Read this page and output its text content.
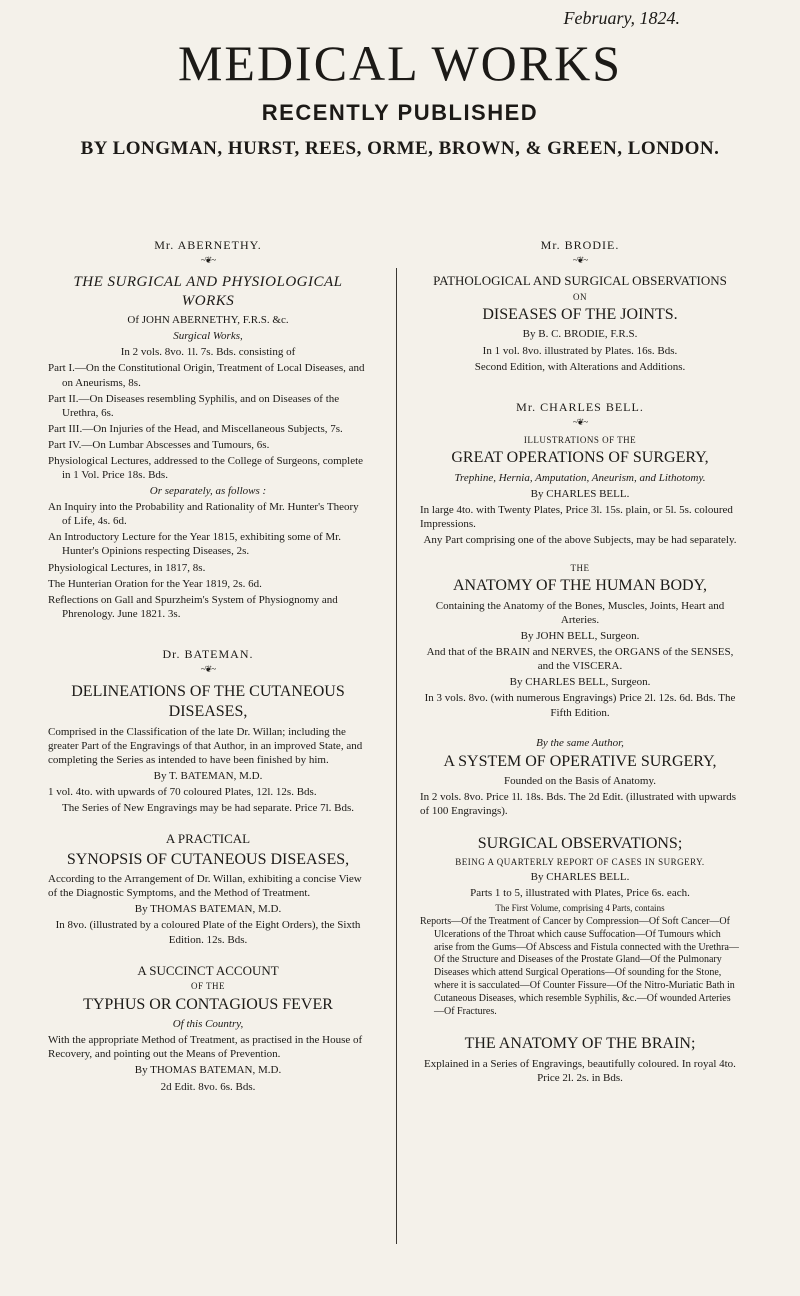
February, 1824.
MEDICAL WORKS
RECENTLY PUBLISHED
BY LONGMAN, HURST, REES, ORME, BROWN, & GREEN, LONDON.

Mr. ABERNETHY.

~❦~

THE SURGICAL AND PHYSIOLOGICAL WORKS

Of JOHN ABERNETHY, F.R.S. &c.

Surgical Works,

In 2 vols. 8vo. 1l. 7s. Bds. consisting of

Part I.—On the Constitutional Origin, Treatment of Local Diseases, and on Aneurisms, 8s.

Part II.—On Diseases resembling Syphilis, and on Diseases of the Urethra, 6s.

Part III.—On Injuries of the Head, and Miscellaneous Subjects, 7s.

Part IV.—On Lumbar Abscesses and Tumours, 6s.

Physiological Lectures, addressed to the College of Surgeons, complete in 1 Vol. Price 18s. Bds.

Or separately, as follows :

An Inquiry into the Probability and Rationality of Mr. Hunter's Theory of Life, 4s. 6d.

An Introductory Lecture for the Year 1815, exhibiting some of Mr. Hunter's Opinions respecting Diseases, 2s.

Physiological Lectures, in 1817, 8s.

The Hunterian Oration for the Year 1819, 2s. 6d.

Reflections on Gall and Spurzheim's System of Physiognomy and Phrenology. June 1821. 3s.

Dr. BATEMAN.

~❦~

DELINEATIONS OF THE CUTANEOUS DISEASES,

Comprised in the Classification of the late Dr. Willan; including the greater Part of the Engravings of that Author, in an improved State, and completing the Series as intended to have been finished by him.

By T. BATEMAN, M.D.

1 vol. 4to. with upwards of 70 coloured Plates, 12l. 12s. Bds.

The Series of New Engravings may be had separate. Price 7l. Bds.

A PRACTICAL

SYNOPSIS OF CUTANEOUS DISEASES,

According to the Arrangement of Dr. Willan, exhibiting a concise View of the Diagnostic Symptoms, and the Method of Treatment.

By THOMAS BATEMAN, M.D.

In 8vo. (illustrated by a coloured Plate of the Eight Orders), the Sixth Edition. 12s. Bds.

A SUCCINCT ACCOUNT

OF THE

TYPHUS OR CONTAGIOUS FEVER

Of this Country,

With the appropriate Method of Treatment, as practised in the House of Recovery, and pointing out the Means of Prevention.

By THOMAS BATEMAN, M.D.

2d Edit. 8vo. 6s. Bds.

Mr. BRODIE.

~❦~

PATHOLOGICAL AND SURGICAL OBSERVATIONS

ON

DISEASES OF THE JOINTS.

By B. C. BRODIE, F.R.S.

In 1 vol. 8vo. illustrated by Plates. 16s. Bds.

Second Edition, with Alterations and Additions.

Mr. CHARLES BELL.

~❦~

ILLUSTRATIONS OF THE

GREAT OPERATIONS OF SURGERY,

Trephine, Hernia, Amputation, Aneurism, and Lithotomy.

By CHARLES BELL.

In large 4to. with Twenty Plates, Price 3l. 15s. plain, or 5l. 5s. coloured Impressions.

Any Part comprising one of the above Subjects, may be had separately.

THE

ANATOMY OF THE HUMAN BODY,

Containing the Anatomy of the Bones, Muscles, Joints, Heart and Arteries.

By JOHN BELL, Surgeon.

And that of the BRAIN and NERVES, the ORGANS of the SENSES, and the VISCERA.

By CHARLES BELL, Surgeon.

In 3 vols. 8vo. (with numerous Engravings) Price 2l. 12s. 6d. Bds. The Fifth Edition.

By the same Author,

A SYSTEM OF OPERATIVE SURGERY,

Founded on the Basis of Anatomy.

In 2 vols. 8vo. Price 1l. 18s. Bds. The 2d Edit. (illustrated with upwards of 100 Engravings).

SURGICAL OBSERVATIONS;

BEING A QUARTERLY REPORT OF CASES IN SURGERY.

By CHARLES BELL.

Parts 1 to 5, illustrated with Plates, Price 6s. each.

The First Volume, comprising 4 Parts, contains

Reports—Of the Treatment of Cancer by Compression—Of Soft Cancer—Of Ulcerations of the Throat which cause Suffocation—Of Tumours which arise from the Gums—Of Abscess and Fistula connected with the Urethra—Of the Structure and Diseases of the Prostate Gland—Of the Pulmonary Diseases which attend Surgical Operations—Of sounding for the Stone, where it is sacculated—Of Counter Fissure—Of the Nitro-Muriatic Bath in Cutaneous Diseases, which resemble Syphilis, &c.—Of wounded Arteries—Of Fractures.

THE ANATOMY OF THE BRAIN;

Explained in a Series of Engravings, beautifully coloured. In royal 4to. Price 2l. 2s. in Bds.
